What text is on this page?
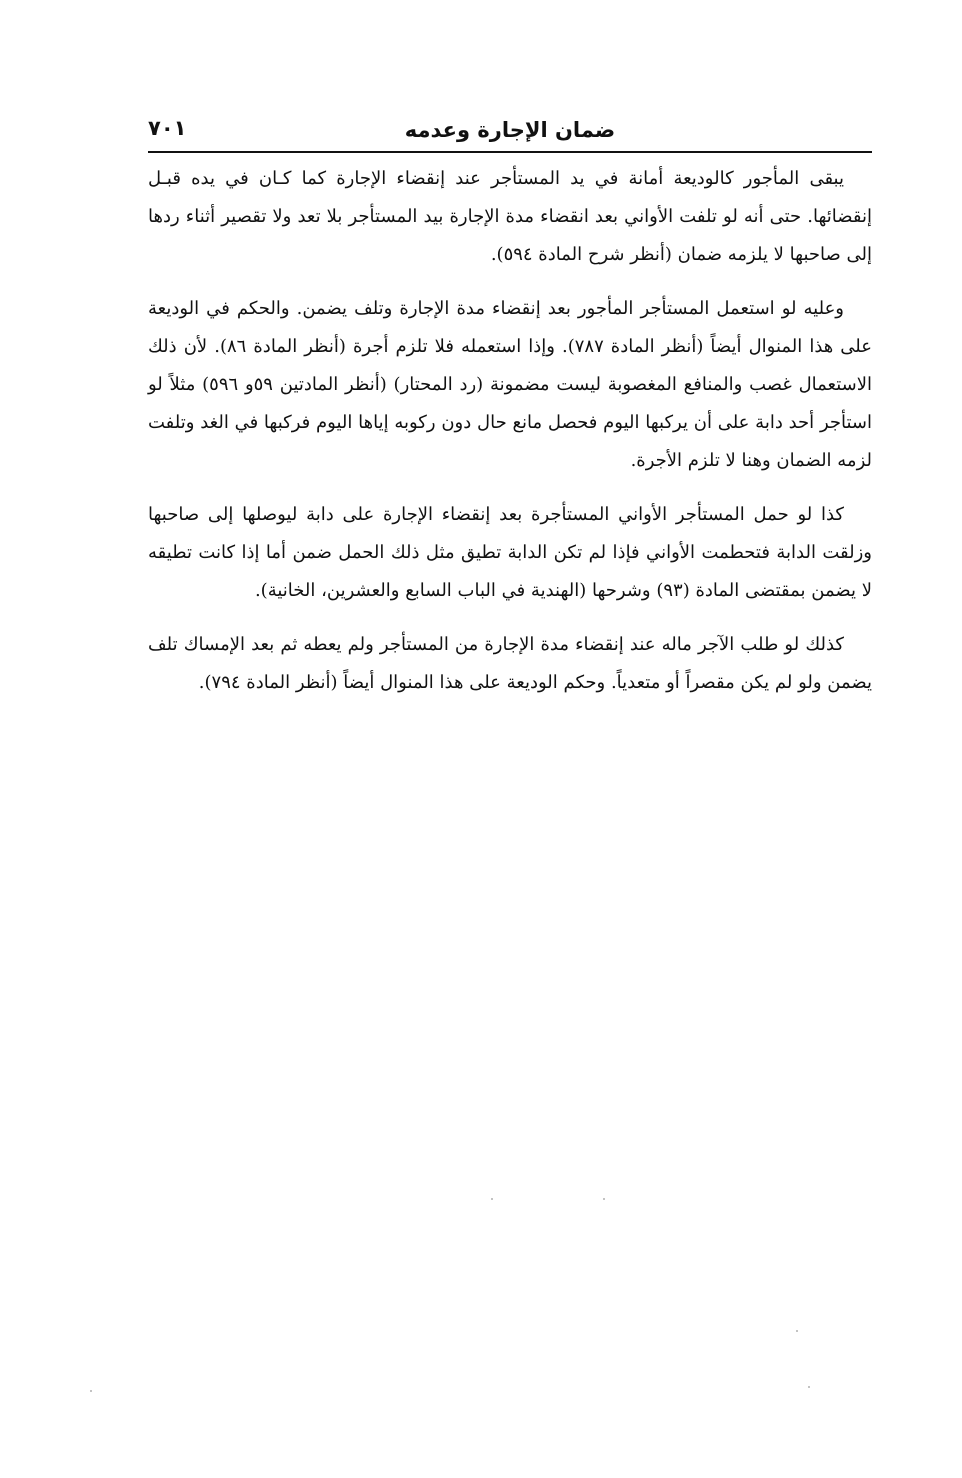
ضمان الإجارة وعدمه
٧٠١

يبقى المأجور كالوديعة أمانة في يد المستأجر عند إنقضاء الإجارة كما كـان في يده قبـل إنقضائها. حتى أنه لو تلفت الأواني بعد انقضاء مدة الإجارة بيد المستأجر بلا تعد ولا تقصير أثناء ردها إلى صاحبها لا يلزمه ضمان (أنظر شرح المادة ٥٩٤).

وعليه لو استعمل المستأجر المأجور بعد إنقضاء مدة الإجارة وتلف يضمن. والحكم في الوديعة على هذا المنوال أيضاً (أنظر المادة ٧٨٧). وإذا استعمله فلا تلزم أجرة (أنظر المادة ٨٦). لأن ذلك الاستعمال غصب والمنافع المغصوبة ليست مضمونة (رد المحتار) (أنظر المادتين ٥٩و ٥٩٦) مثلاً لو استأجر أحد دابة على أن يركبها اليوم فحصل مانع حال دون ركوبه إياها اليوم فركبها في الغد وتلفت لزمه الضمان وهنا لا تلزم الأجرة.

كذا لو حمل المستأجر الأواني المستأجرة بعد إنقضاء الإجارة على دابة ليوصلها إلى صاحبها وزلقت الدابة فتحطمت الأواني فإذا لم تكن الدابة تطيق مثل ذلك الحمل ضمن أما إذا كانت تطيقه لا يضمن بمقتضى المادة (٩٣) وشرحها (الهندية في الباب السابع والعشرين، الخانية).

كذلك لو طلب الآجر ماله عند إنقضاء مدة الإجارة من المستأجر ولم يعطه ثم بعد الإمساك تلف يضمن ولو لم يكن مقصراً أو متعدياً. وحكم الوديعة على هذا المنوال أيضاً (أنظر المادة ٧٩٤).
